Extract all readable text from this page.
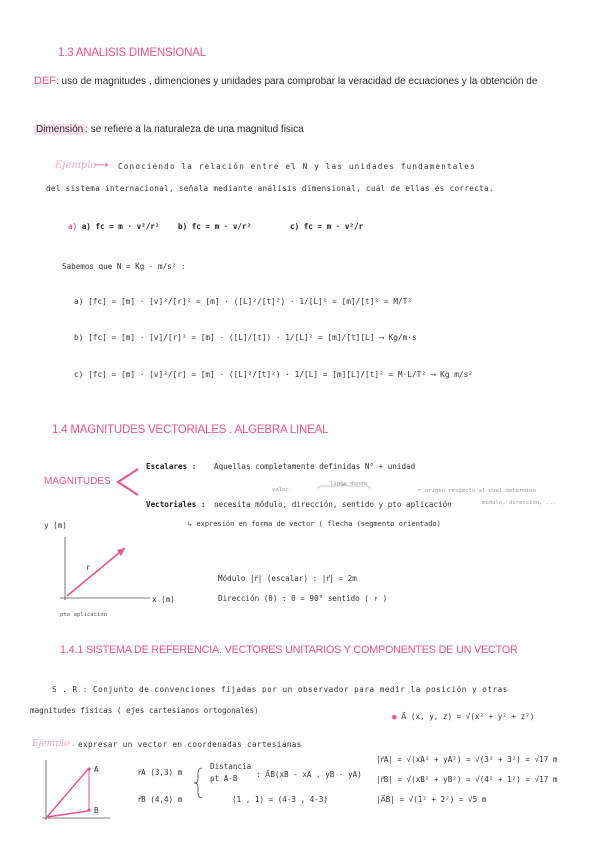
1.3 ANALISIS DIMENSIONAL
DEF: uso de magnitudes , dimenciones y unidades para comprobar la veracidad de ecuaciones y la obtención de
Dimensión : se refiere a la naturaleza de una magnitud fisica
Ejemplo
⟶ Conociendo la relación entre el N y las unidades fundamentales
del sistema internacional, señala mediante análisis dimensional, cuál de ellas es correcta.
a) a) fc = m · v²/r² b) fc = m · v/r²	c) fc = m · v²/r
Sabemos que N = Kg · m/s² :
a) [fc] = [m] · [v]²/[r]² = [m] · ([L]²/[t]²) · 1/[L]² = [m]/[t]² = M/T²
b) [fc] = [m] · [v]/[r]² = [m] · ([L]/[t]) · 1/[L]² = [m]/[t][L] ⟶ Kg/m·s
c) [fc] = [m] · [v]²/[r] = [m] · ([L]²/[t]²) · 1/[L] = [m][L]/[t]² = M·L/T² ⟶ Kg m/s²
1.4 MAGNITUDES VECTORIALES . ALGEBRA LINEAL
MAGNITUDES
Escalares : Aquellas completamente definidas N° + unidad
valor
línea donde
⌐ origen respecto al cual determino
módulo, dirección, ...
Vectoriales : necesita módulo, dirección, sentido y pto aplicación
↳ expresión en forma de vector ( flecha (segmento orientado)
y (m)
x (m)
r
pto aplicación
Módulo |r⃗| (escalar) : |r⃗| = 2m
Dirección (θ) : θ = 90° sentido ( ↑ )
1.4.1 SISTEMA DE REFERENCIA. VECTORES UNITARIOS Y COMPONENTES DE UN VECTOR
S . R : Conjunto de convenciones fijadas por un observador para medir la posición y otras
magnitudes físicas ( ejes cartesianos ortogonales)
● A⃗ (x, y, z) = √(x² + y² + z²)
Ejemplo : expresar un vector en coordenadas cartesianas
A
B
r⃗A (3,3) m
r⃗B (4,4) m
Distancia
pt A-B : A⃗B(xB - xA , yB - yA)
(1 , 1) = (4-3 , 4-3)
|r⃗A| = √(xA² + yA²) = √(3² + 3²) = √17 m
|r⃗B| = √(xB² + yB²) = √(4² + 1²) = √17 m
|A⃗B| = √(1² + 2²) = √5 m
